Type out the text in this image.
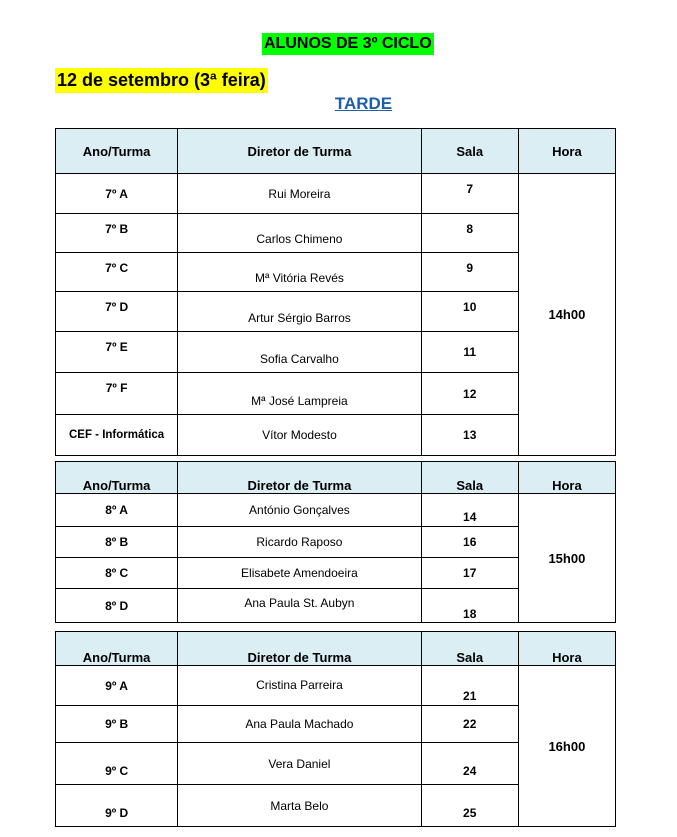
ALUNOS DE 3º CICLO
12 de setembro (3ª feira)
TARDE
Ano/Turma	Diretor de Turma	Sala	Hora
7º A	Rui Moreira	7	14h00
7º B	Carlos Chimeno	8	
7º C	Mª Vitória Revés	9	
7º D	Artur Sérgio Barros	10	
7º E	Sofia Carvalho	11	
7º F	Mª José Lampreia	12	
CEF - Informática	Vítor Modesto	13	
Ano/Turma	Diretor de Turma	Sala	Hora
8º A	António Gonçalves	14	15h00
8º B	Ricardo Raposo	16	
8º C	Elisabete Amendoeira	17	
8º D	Ana Paula St. Aubyn	18	
Ano/Turma	Diretor de Turma	Sala	Hora
9º A	Cristina Parreira	21	16h00
9º B	Ana Paula Machado	22	
9º C	Vera Daniel	24	
9º D	Marta Belo	25	
